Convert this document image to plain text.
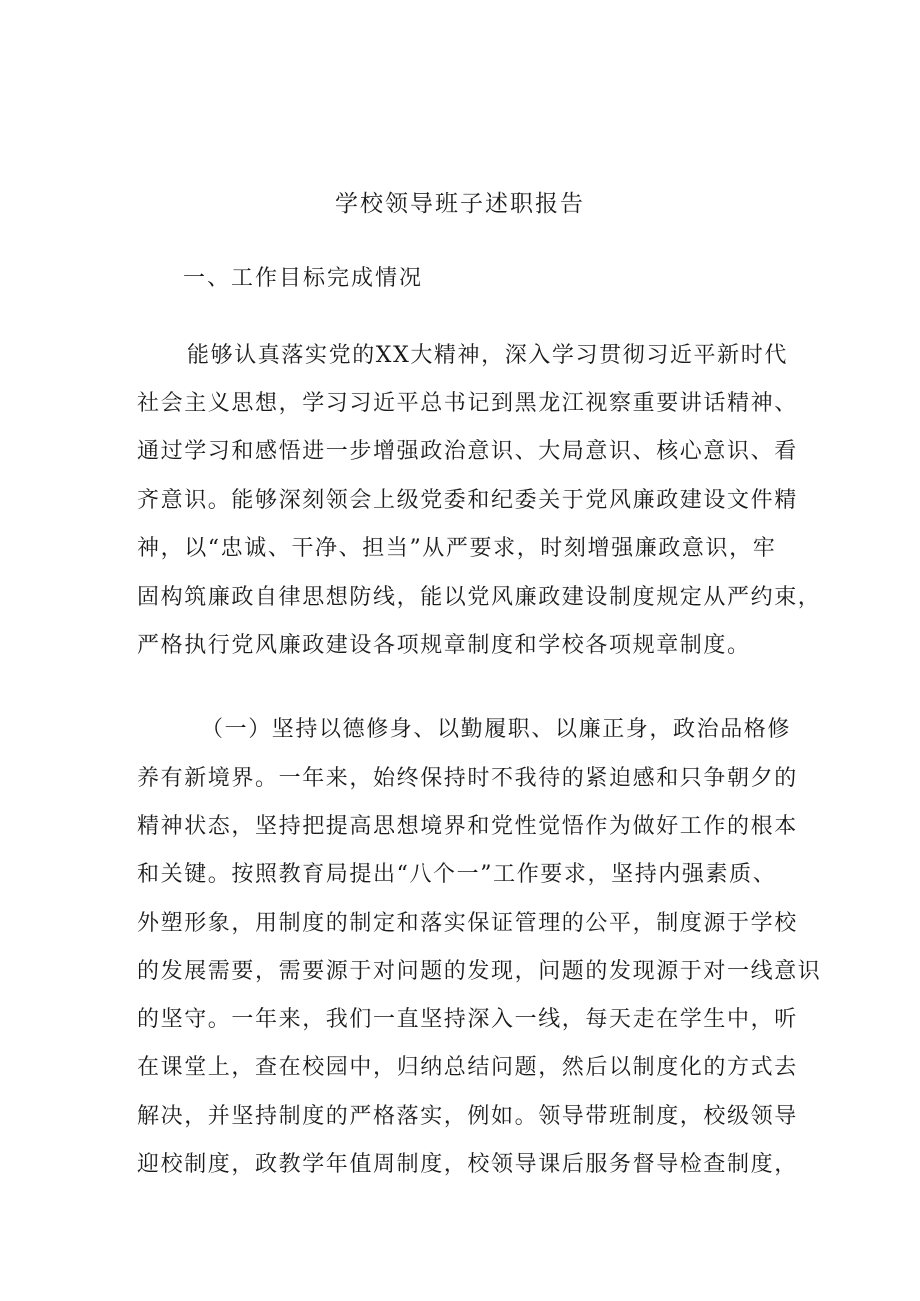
学校领导班子述职报告
一、工作目标完成情况
能够认真落实党的XX大精神，深入学习贯彻习近平新时代
社会主义思想，学习习近平总书记到黑龙江视察重要讲话精神、
通过学习和感悟进一步增强政治意识、大局意识、核心意识、看
齐意识。能够深刻领会上级党委和纪委关于党风廉政建设文件精
神，以“忠诚、干净、担当”从严要求，时刻增强廉政意识，牢
固构筑廉政自律思想防线，能以党风廉政建设制度规定从严约束，
严格执行党风廉政建设各项规章制度和学校各项规章制度。
（一）坚持以德修身、以勤履职、以廉正身，政治品格修
养有新境界。一年来，始终保持时不我待的紧迫感和只争朝夕的
精神状态，坚持把提高思想境界和党性觉悟作为做好工作的根本
和关键。按照教育局提出“八个一”工作要求，坚持内强素质、
外塑形象，用制度的制定和落实保证管理的公平，制度源于学校
的发展需要，需要源于对问题的发现，问题的发现源于对一线意识
的坚守。一年来，我们一直坚持深入一线，每天走在学生中，听
在课堂上，查在校园中，归纳总结问题，然后以制度化的方式去
解决，并坚持制度的严格落实，例如。领导带班制度，校级领导
迎校制度，政教学年值周制度，校领导课后服务督导检查制度，
